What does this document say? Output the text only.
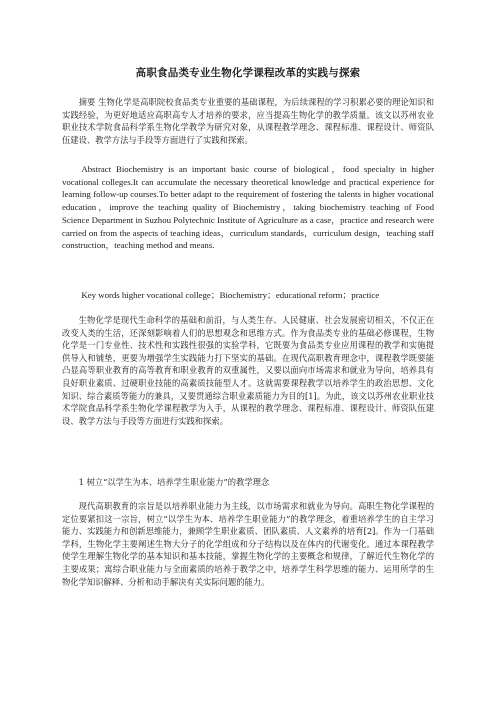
高职食品类专业生物化学课程改革的实践与探索

摘要 生物化学是高职院校食品类专业重要的基础课程，为后续课程的学习积累必要的理论知识和实践经验，为更好地适应高职高专人才培养的要求，应当提高生物化学的教学质量。该文以苏州农业职业技术学院食品科学系生物化学教学为研究对象，从课程教学理念、课程标准、课程设计、师资队伍建设、教学方法与手段等方面进行了实践和探索。

Abstract Biochemistry is an important basic course of biological，food specialty in higher vocational colleges.It can accumulate the necessary theoretical knowledge and practical experience for learning follow-up courses.To better adapt to the requirement of fostering the talents in higher vocational education，improve the teaching quality of Biochemistry，taking biochemistry teaching of Food Science Department in Suzhou Polytechnic Institute of Agriculture as a case，practice and research were carried on from the aspects of teaching ideas，curriculum standards，curriculum design，teaching staff construction，teaching method and means.

Key words higher vocational college；Biochemistry；educational reform；practice

生物化学是现代生命科学的基础和前沿，与人类生存、人民健康、社会发展密切相关，不仅正在改变人类的生活，还深刻影响着人们的思想观念和思维方式。作为食品类专业的基础必修课程，生物化学是一门专业性、技术性和实践性很强的实验学科，它既要为食品类专业应用课程的教学和实施提供导入和铺垫，更要为增强学生实践能力打下坚实的基础。在现代高职教育理念中，课程教学既要能凸显高等职业教育的高等教育和职业教育的双重属性，又要以面向市场需求和就业为导向，培养具有良好职业素质、过硬职业技能的高素质技能型人才。这就需要课程教学以培养学生的政治思想、文化知识、综合素质等能力的兼具，又要贯通综合职业素质能力为目的[1]。为此，该文以苏州农业职业技术学院食品科学系生物化学课程教学为入手，从课程的教学理念、课程标准、课程设计、师资队伍建设、教学方法与手段等方面进行实践和探索。

1 树立“以学生为本、培养学生职业能力”的教学理念

现代高职教育的宗旨是以培养职业能力为主线，以市场需求和就业为导向。高职生物化学课程的定位要紧扣这一宗旨，树立“以学生为本、培养学生职业能力”的教学理念，着重培养学生的自主学习能力、实践能力和创新思维能力，兼顾学生职业素质、团队素质、人文素养的培育[2]。作为一门基础学科，生物化学主要阐述生物大分子的化学组成和分子结构以及在体内的代谢变化。通过本课程教学使学生理解生物化学的基本知识和基本技能，掌握生物化学的主要概念和规律，了解近代生物化学的主要成果；寓综合职业能力与全面素质的培养于教学之中，培养学生科学思维的能力、运用所学的生物化学知识解释、分析和动手解决有关实际问题的能力。
